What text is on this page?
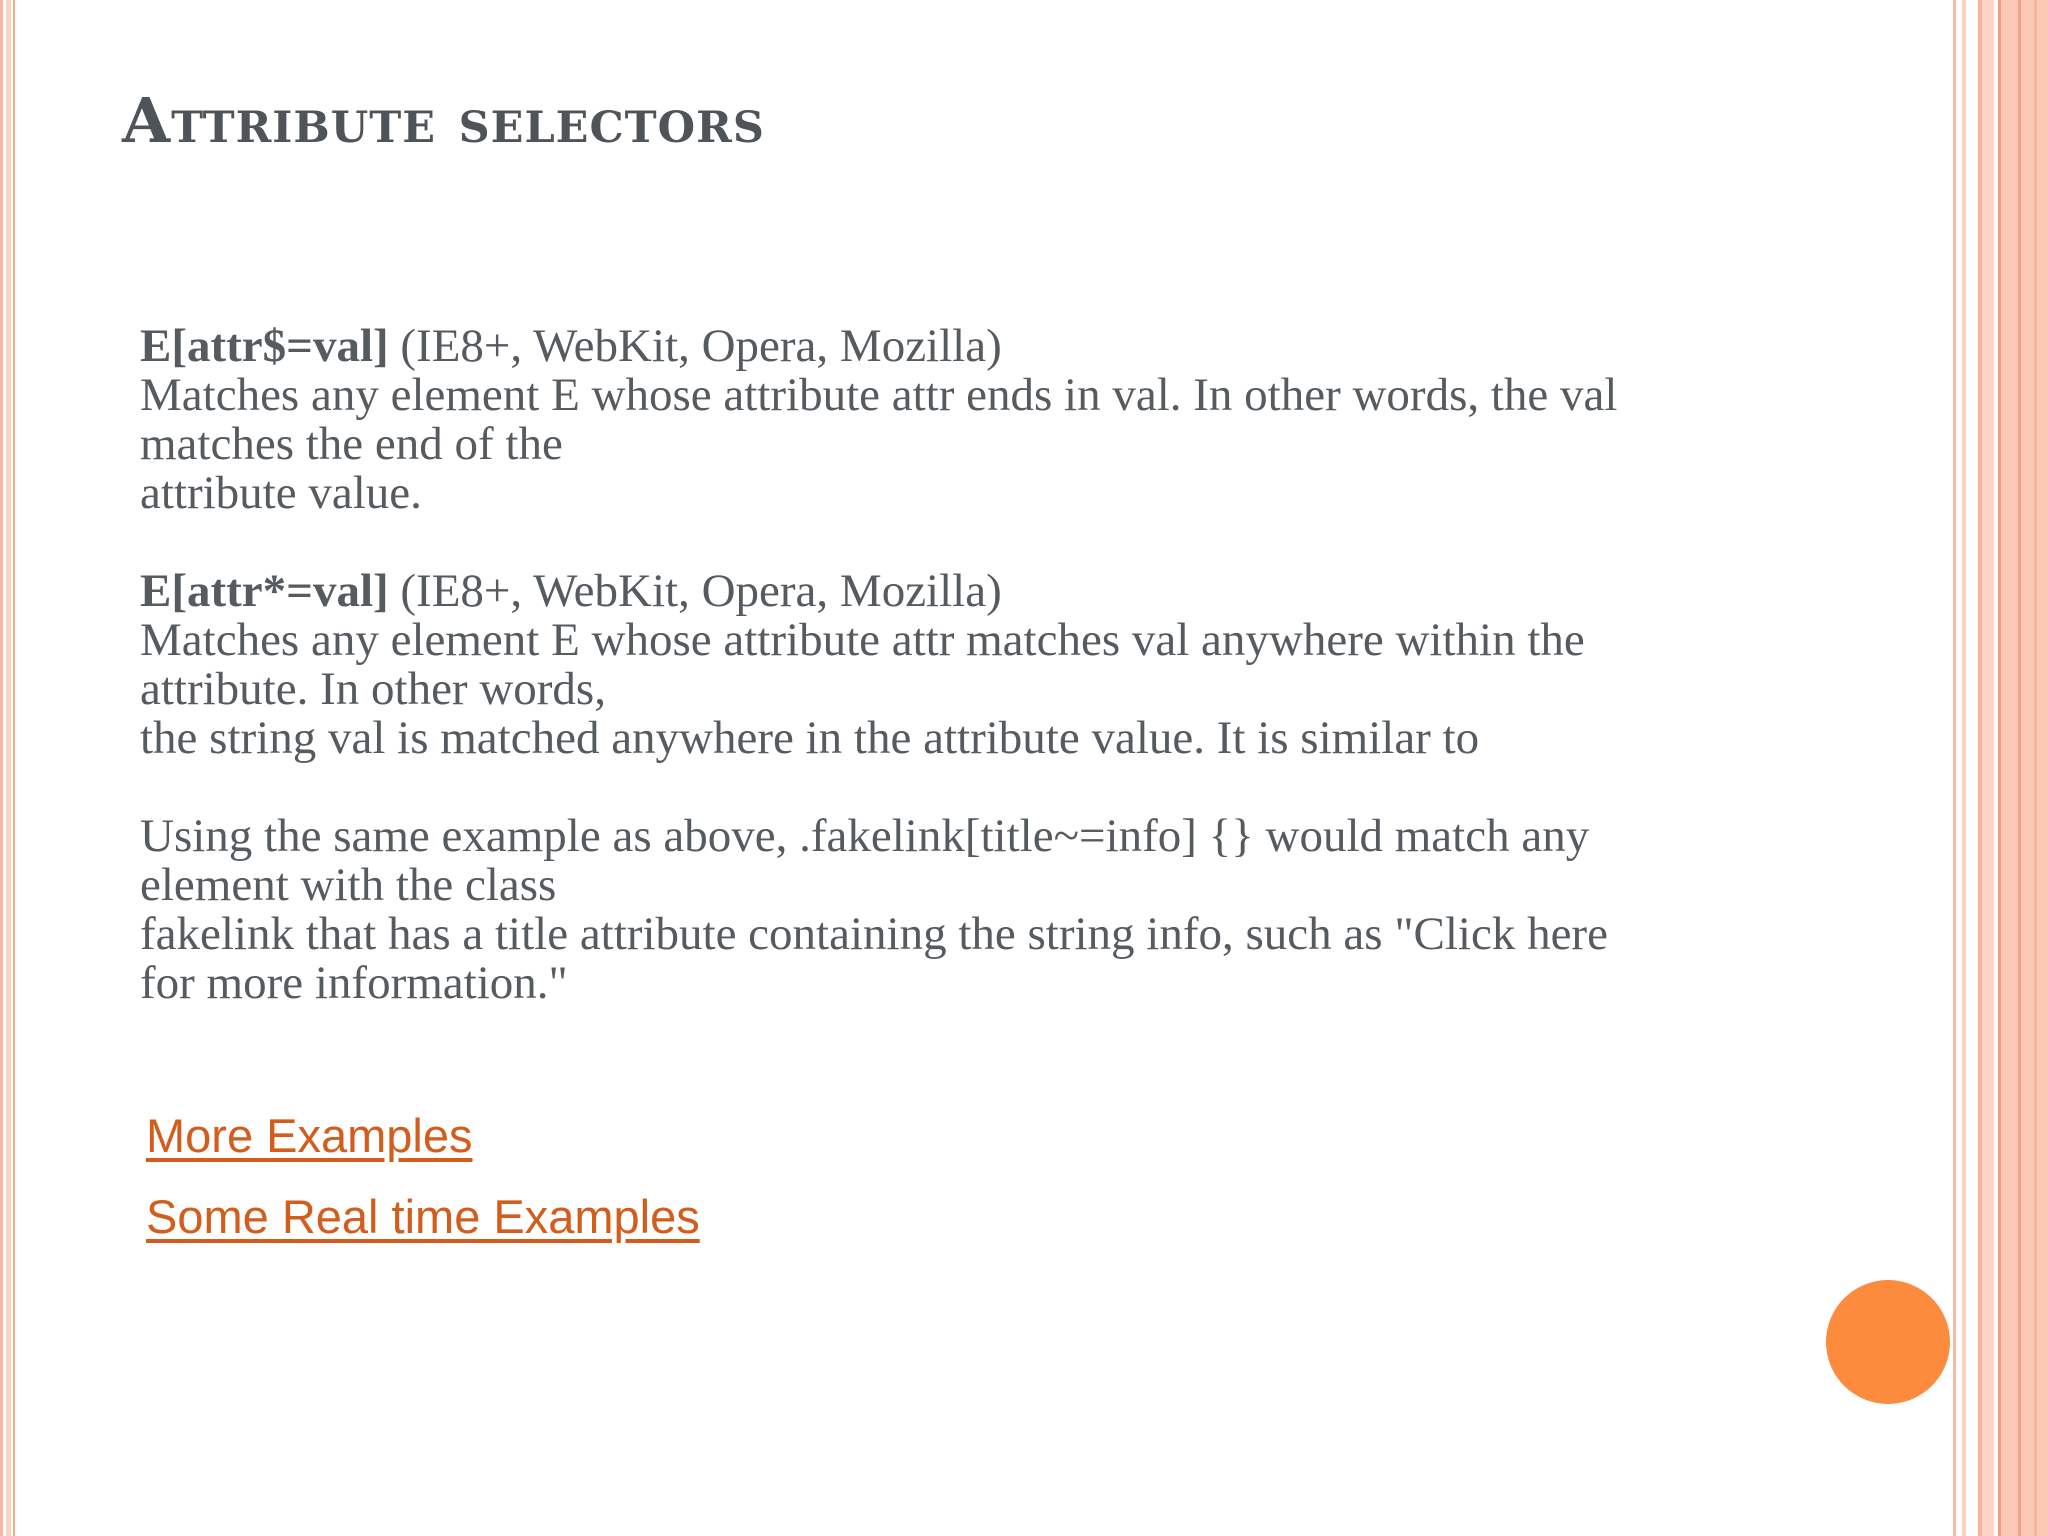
Attribute selectors
E[attr$=val] (IE8+, WebKit, Opera, Mozilla)
Matches any element E whose attribute attr ends in val. In other words, the val
matches the end of the
attribute value.
E[attr*=val] (IE8+, WebKit, Opera, Mozilla)
Matches any element E whose attribute attr matches val anywhere within the
attribute. In other words,
the string val is matched anywhere in the attribute value. It is similar to
Using the same example as above, .fakelink[title~=info] {} would match any
element with the class
fakelink that has a title attribute containing the string info, such as "Click here
for more information."
More Examples
Some Real time Examples
